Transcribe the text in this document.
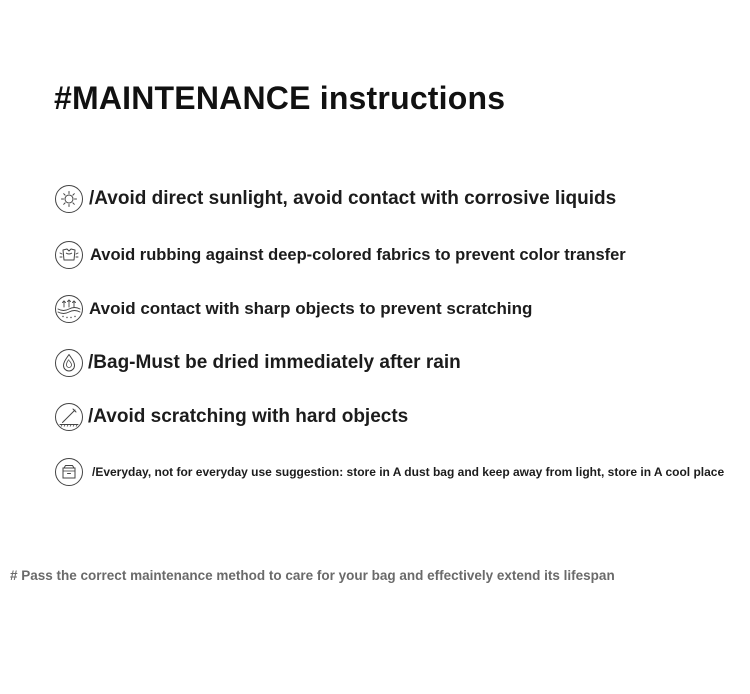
#MAINTENANCE instructions
/Avoid direct sunlight, avoid contact with corrosive liquids
Avoid rubbing against deep-colored fabrics to prevent color transfer
Avoid contact with sharp objects to prevent scratching
/Bag-Must be dried immediately after rain
/Avoid scratching with hard objects
/Everyday, not for everyday use suggestion: store in A dust bag and keep away from light, store in A cool place
# Pass the correct maintenance method to care for your bag and effectively extend its lifespan
